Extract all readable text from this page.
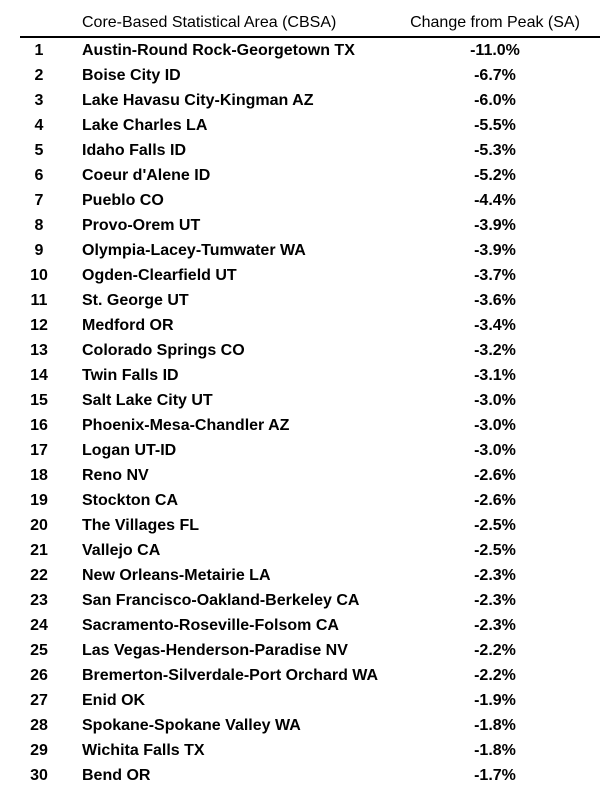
	Core-Based Statistical Area (CBSA)	Change from Peak (SA)
1	Austin-Round Rock-Georgetown TX	-11.0%
2	Boise City ID	-6.7%
3	Lake Havasu City-Kingman AZ	-6.0%
4	Lake Charles LA	-5.5%
5	Idaho Falls ID	-5.3%
6	Coeur d'Alene ID	-5.2%
7	Pueblo CO	-4.4%
8	Provo-Orem UT	-3.9%
9	Olympia-Lacey-Tumwater WA	-3.9%
10	Ogden-Clearfield UT	-3.7%
11	St. George UT	-3.6%
12	Medford OR	-3.4%
13	Colorado Springs CO	-3.2%
14	Twin Falls ID	-3.1%
15	Salt Lake City UT	-3.0%
16	Phoenix-Mesa-Chandler AZ	-3.0%
17	Logan UT-ID	-3.0%
18	Reno NV	-2.6%
19	Stockton CA	-2.6%
20	The Villages FL	-2.5%
21	Vallejo CA	-2.5%
22	New Orleans-Metairie LA	-2.3%
23	San Francisco-Oakland-Berkeley CA	-2.3%
24	Sacramento-Roseville-Folsom CA	-2.3%
25	Las Vegas-Henderson-Paradise NV	-2.2%
26	Bremerton-Silverdale-Port Orchard WA	-2.2%
27	Enid OK	-1.9%
28	Spokane-Spokane Valley WA	-1.8%
29	Wichita Falls TX	-1.8%
30	Bend OR	-1.7%
